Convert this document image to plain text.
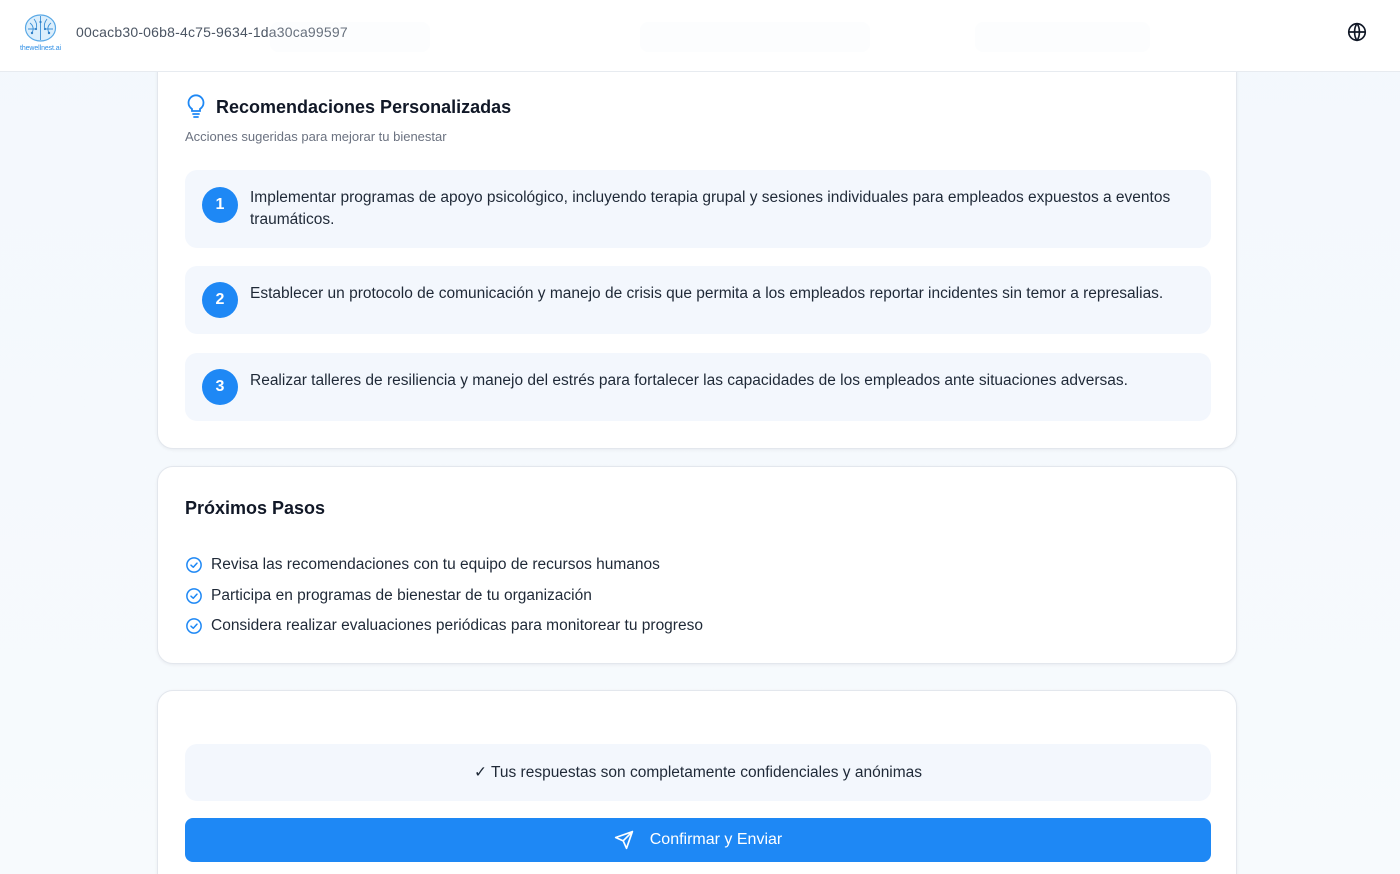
thewellnest.ai
00cacb30-06b8-4c75-9634-1da30ca99597
Recomendaciones Personalizadas
Acciones sugeridas para mejorar tu bienestar
1	Implementar programas de apoyo psicológico, incluyendo terapia grupal y sesiones individuales para empleados expuestos a eventos traumáticos.
2	Establecer un protocolo de comunicación y manejo de crisis que permita a los empleados reportar incidentes sin temor a represalias.
3	Realizar talleres de resiliencia y manejo del estrés para fortalecer las capacidades de los empleados ante situaciones adversas.
Próximos Pasos
Revisa las recomendaciones con tu equipo de recursos humanos
Participa en programas de bienestar de tu organización
Considera realizar evaluaciones periódicas para monitorear tu progreso
✓ Tus respuestas son completamente confidenciales y anónimas
Confirmar y Enviar
